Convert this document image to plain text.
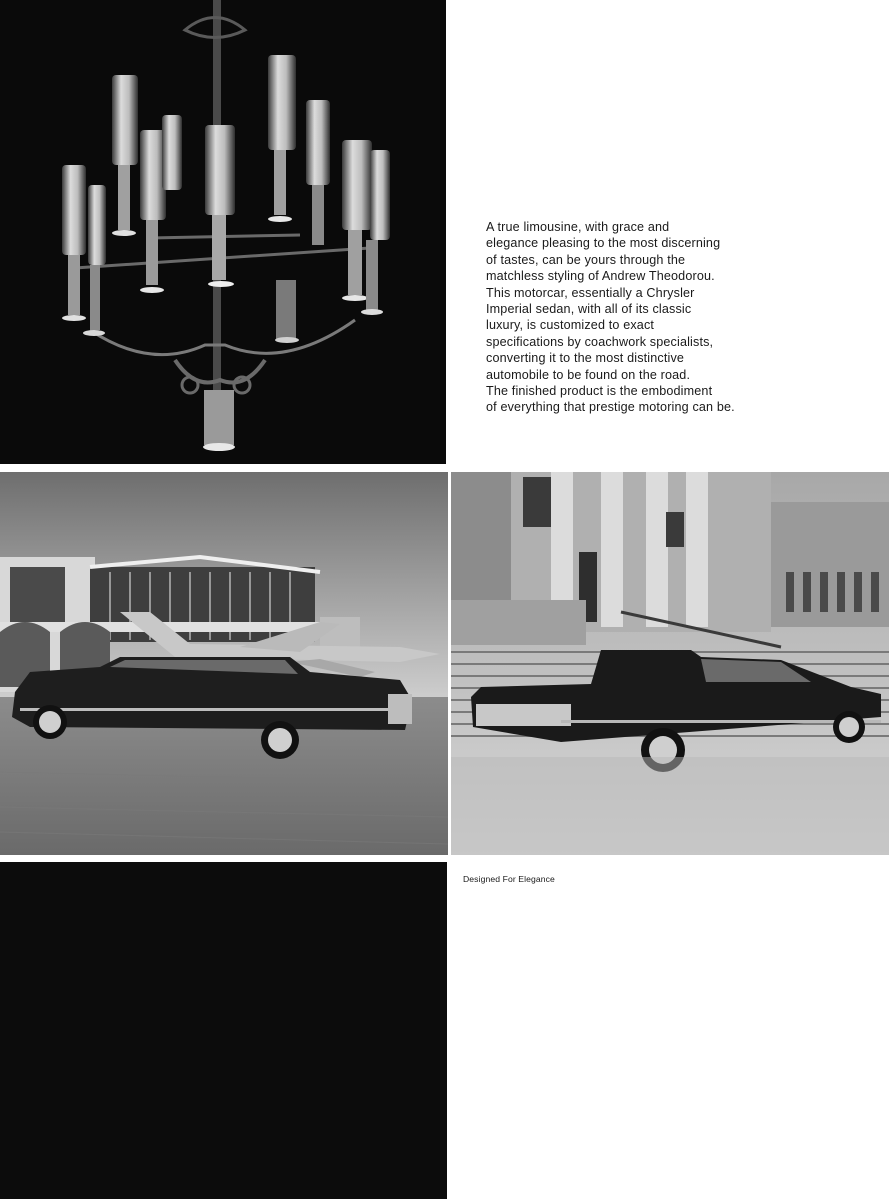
A true limousine, with grace and
elegance pleasing to the most discerning
of tastes, can be yours through the
matchless styling of Andrew Theodorou.
This motorcar, essentially a Chrysler
Imperial sedan, with all of its classic
luxury, is customized to exact
specifications by coachwork specialists,
converting it to the most distinctive
automobile to be found on the road.
The finished product is the embodiment
of everything that prestige motoring can be.
Designed For Elegance
